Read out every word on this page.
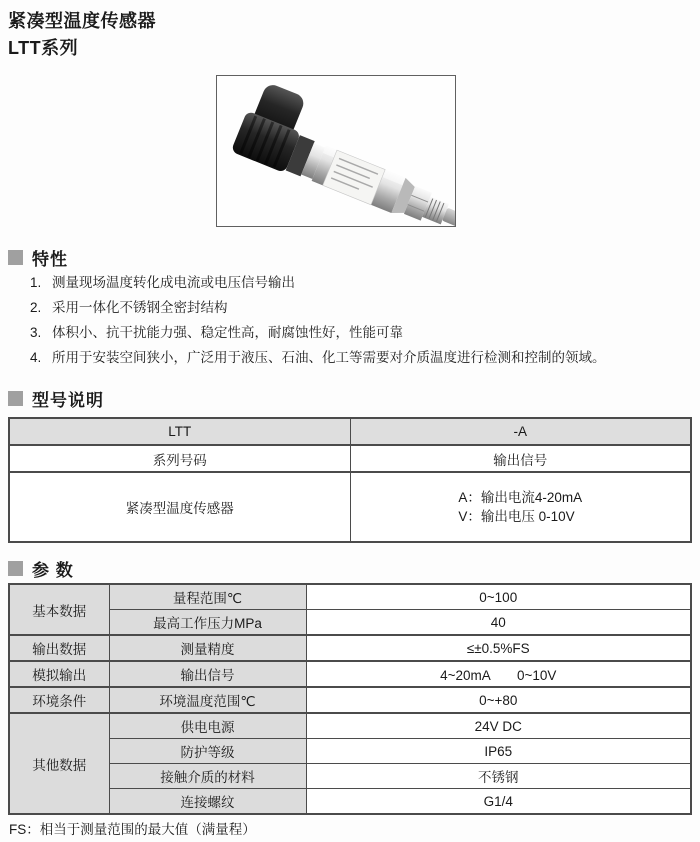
紧凑型温度传感器
LTT系列
特性
1. 测量现场温度转化成电流或电压信号输出
2. 采用一体化不锈钢全密封结构
3. 体积小、抗干扰能力强、稳定性高，耐腐蚀性好，性能可靠
4. 所用于安装空间狭小，广泛用于液压、石油、化工等需要对介质温度进行检测和控制的领域。
型号说明
LTT	-A
系列号码	输出信号
紧凑型温度传感器	A：输出电流4-20mA
V：输出电压 0-10V
参 数
基本数据	量程范围℃	0~100
	最高工作压力MPa	40
输出数据	测量精度	≤±0.5%FS
模拟输出	输出信号	4~20mA　　0~10V
环境条件	环境温度范围℃	0~+80
其他数据	供电电源	24V DC
	防护等级	IP65
	接触介质的材料	不锈钢
	连接螺纹	G1/4
FS：相当于测量范围的最大值（满量程）
